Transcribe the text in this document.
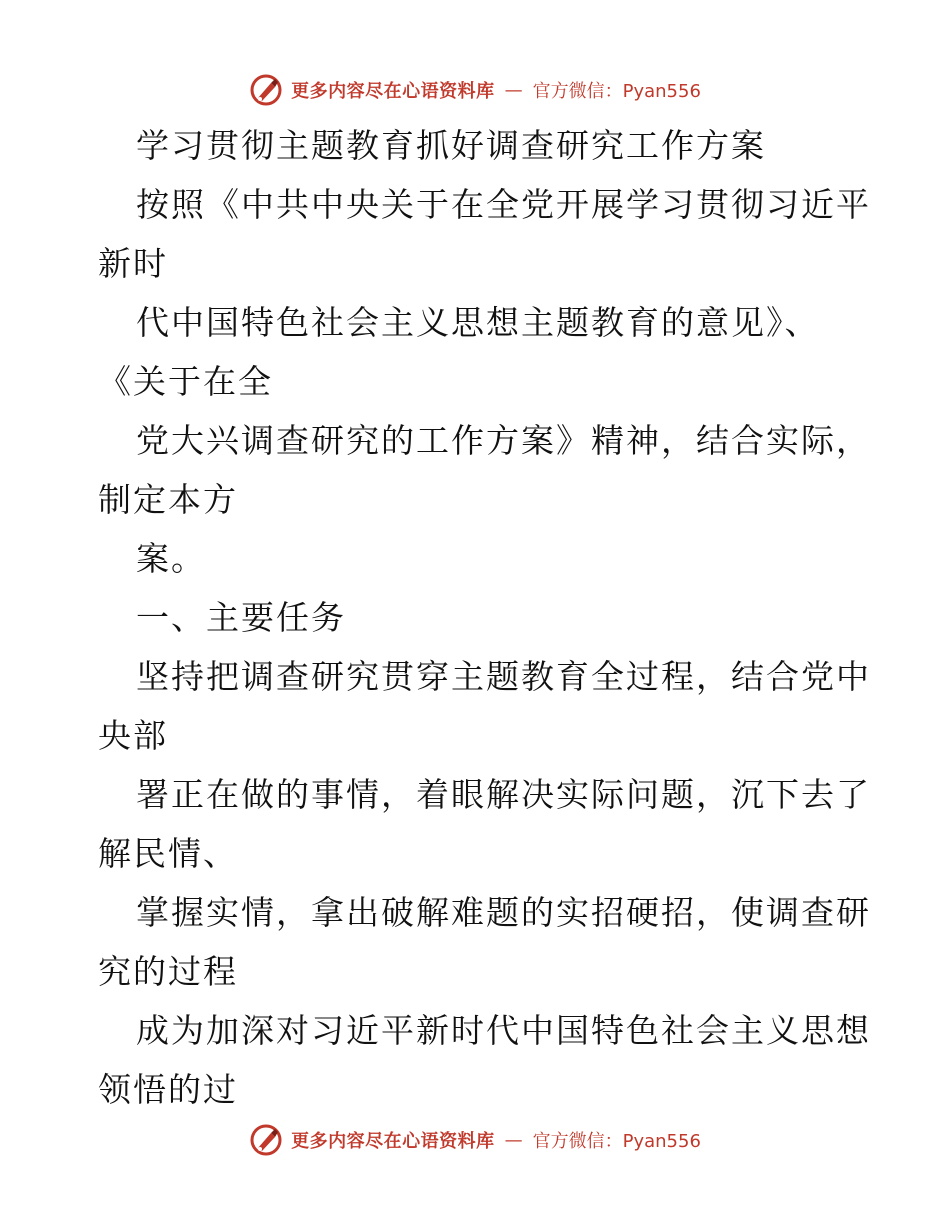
更多内容尽在心语资料库 — 官方微信：Pyan556
学习贯彻主题教育抓好调查研究工作方案
按照《中共中央关于在全党开展学习贯彻习近平
新时
代中国特色社会主义思想主题教育的意见》、
《关于在全
党大兴调查研究的工作方案》精神，结合实际，
制定本方
案。
一、主要任务
坚持把调查研究贯穿主题教育全过程，结合党中
央部
署正在做的事情，着眼解决实际问题，沉下去了
解民情、
掌握实情，拿出破解难题的实招硬招，使调查研
究的过程
成为加深对习近平新时代中国特色社会主义思想
领悟的过
更多内容尽在心语资料库 — 官方微信：Pyan556
